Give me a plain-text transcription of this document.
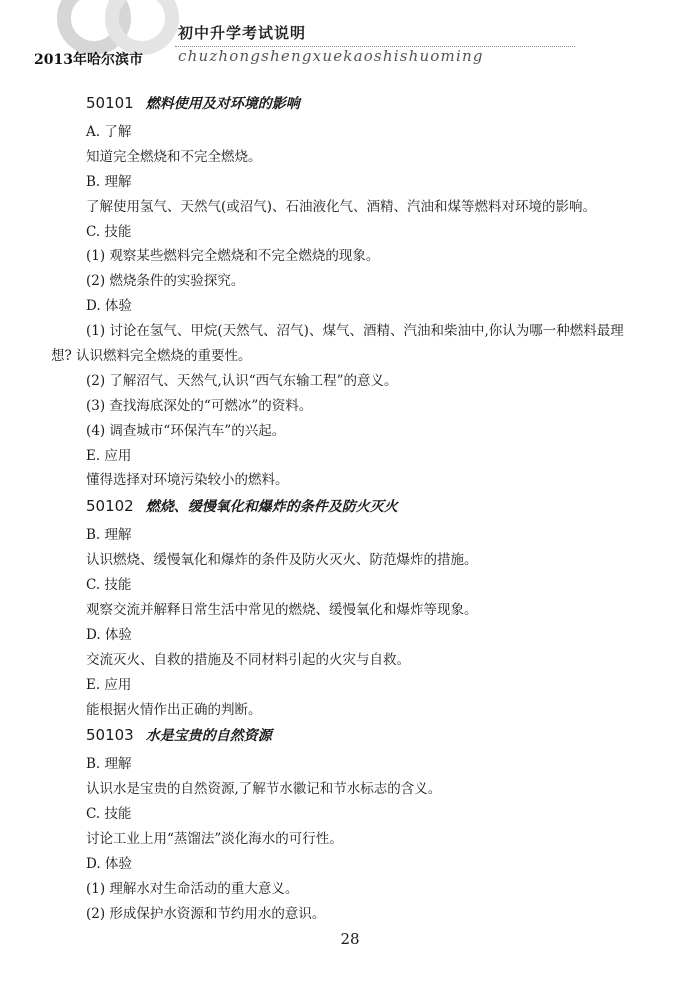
初中升学考试说明
2013年哈尔滨市 chuzhongshengxuekaoshishuoming
50101 燃料使用及对环境的影响
A. 了解
知道完全燃烧和不完全燃烧。
B. 理解
了解使用氢气、天然气(或沼气)、石油液化气、酒精、汽油和煤等燃料对环境的影响。
C. 技能
(1) 观察某些燃料完全燃烧和不完全燃烧的现象。
(2) 燃烧条件的实验探究。
D. 体验
(1) 讨论在氢气、甲烷(天然气、沼气)、煤气、酒精、汽油和柴油中,你认为哪一种燃料最理
想? 认识燃料完全燃烧的重要性。
(2) 了解沼气、天然气,认识“西气东输工程”的意义。
(3) 查找海底深处的“可燃冰”的资料。
(4) 调查城市“环保汽车”的兴起。
E. 应用
懂得选择对环境污染较小的燃料。
50102 燃烧、缓慢氧化和爆炸的条件及防火灭火
B. 理解
认识燃烧、缓慢氧化和爆炸的条件及防火灭火、防范爆炸的措施。
C. 技能
观察交流并解释日常生活中常见的燃烧、缓慢氧化和爆炸等现象。
D. 体验
交流灭火、自救的措施及不同材料引起的火灾与自救。
E. 应用
能根据火情作出正确的判断。
50103 水是宝贵的自然资源
B. 理解
认识水是宝贵的自然资源,了解节水徽记和节水标志的含义。
C. 技能
讨论工业上用“蒸馏法”淡化海水的可行性。
D. 体验
(1) 理解水对生命活动的重大意义。
(2) 形成保护水资源和节约用水的意识。
28
